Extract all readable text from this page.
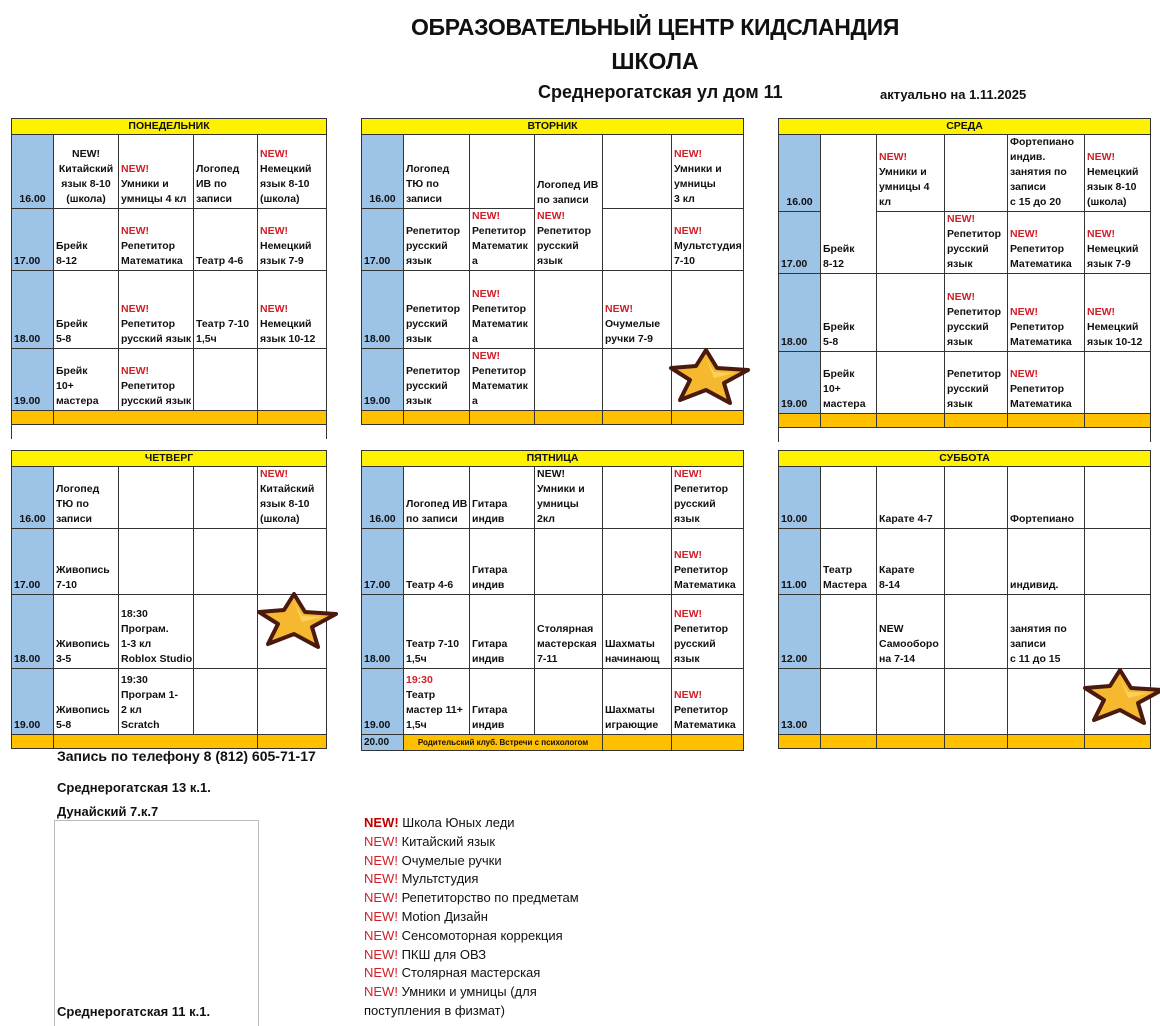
ОБРАЗОВАТЕЛЬНЫЙ ЦЕНТР КИДСЛАНДИЯ
ШКОЛА
Среднерогатская ул дом 11	актуально на 1.11.2025
ПОНЕДЕЛЬНИК				
16.00	NEW!
Китайский
язык 8-10
(школа)	NEW!
Умники и
умницы 4 кл	Логопед
ИВ по
записи	NEW!
Немецкий
язык 8-10
(школа)

17.00	Брейк
8-12	NEW!
Репетитор
Математика	Театр 4-6	NEW!
Немецкий
язык 7-9

18.00	Брейк
5-8	NEW!
Репетитор
русский язык	Театр 7-10
1,5ч	NEW!
Немецкий
язык 10-12

19.00	Брейк
10+
мастера	NEW!
Репетитор
русский язык		

ВТОРНИК					
16.00	Логопед
ТЮ по
записи		Логопед ИВ
по записи		NEW!
Умники и
умницы
3 кл

17.00	Репетитор
русский
язык	NEW!
Репетитор
Математик
а	NEW!
Репетитор
русский
язык		NEW!
Мультстудия
7-10

18.00	Репетитор
русский
язык	NEW!
Репетитор
Математик
а		NEW!
Очумелые
ручки 7-9	

19.00	Репетитор
русский
язык	NEW!
Репетитор
Математик
а			

СРЕДА					
16.00	Брейк
8-12	NEW!
Умники и
умницы 4
кл		Фортепиано
индив.
занятия по
записи
с 15 до 20	NEW!
Немецкий
язык 8-10
(школа)

17.00			NEW!
Репетитор
русский
язык	NEW!
Репетитор
Математика	NEW!
Немецкий
язык 7-9

18.00	Брейк
5-8		NEW!
Репетитор
русский
язык	NEW!
Репетитор
Математика	NEW!
Немецкий
язык 10-12

19.00	Брейк
10+
мастера		Репетитор
русский
язык	NEW!
Репетитор
Математика	

ЧЕТВЕРГ				
16.00	Логопед
ТЮ по
записи			NEW!
Китайский
язык 8-10
(школа)

17.00	Живопись
7-10			

18.00	Живопись
3-5	18:30
Програм.
1-3 кл
Roblox Studio		

19.00	Живопись
5-8	19:30
Програм 1-
2 кл
Scratch		

ПЯТНИЦА					
16.00	Логопед ИВ
по записи	Гитара
индив	NEW!
Умники и
умницы
2кл		NEW!
Репетитор
русский
язык

17.00	Театр 4-6	Гитара
индив			NEW!
Репетитор
Математика

18.00	Театр 7-10
1,5ч	Гитара
индив	Столярная
мастерская
7-11	Шахматы
начинающ	NEW!
Репетитор
русский
язык

19.00	19:30
Театр
мастер 11+
1,5ч	Гитара
индив		Шахматы
играющие	NEW!
Репетитор
Математика

20.00	Родительский клуб. Встречи с психологом				
СУББОТА					
10.00		Карате 4-7		Фортепиано	

11.00	Театр
Мастера	Карате
8-14		индивид.	

12.00		NEW
Самооборо
на 7-14		занятия по
записи
с 11 до 15	

13.00					

Запись по телефону 8 (812) 605-71-17
Среднерогатская 13 к.1.
Дунайский 7.к.7
Среднерогатская 11 к.1.
NEW! Школа Юных леди
NEW! Китайский язык
NEW! Очумелые ручки
NEW! Мультстудия
NEW! Репетиторство по предметам
NEW! Motion Дизайн
NEW! Сенсомоторная коррекция
NEW! ПКШ для ОВЗ
NEW! Столярная мастерская
NEW! Умники и умницы (для
поступления в физмат)
